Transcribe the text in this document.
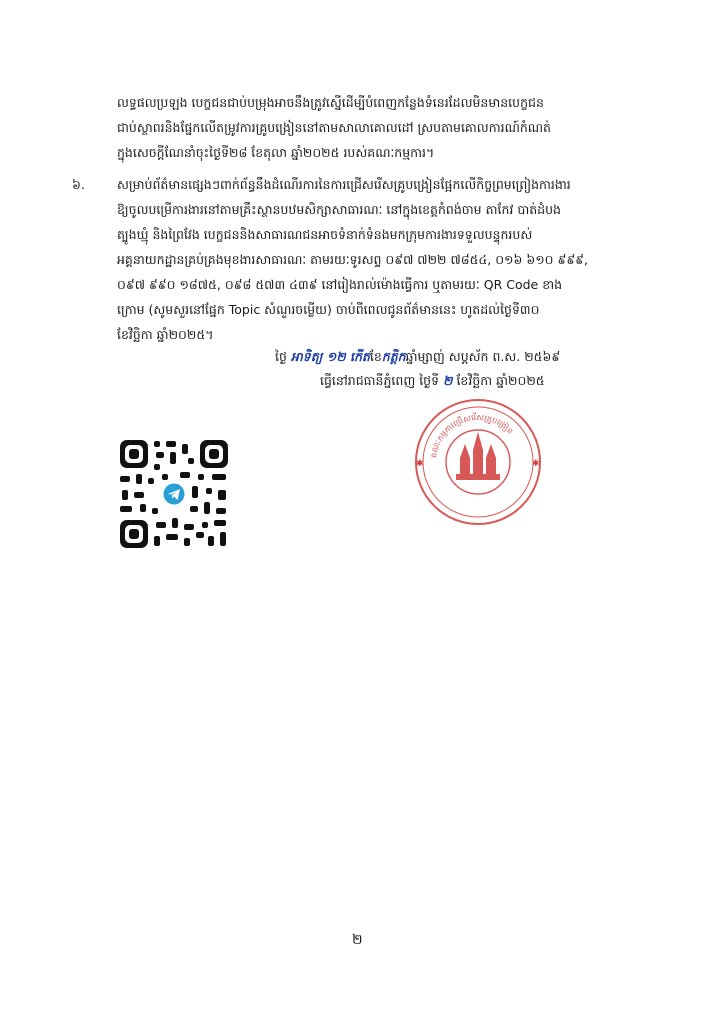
លទ្ធផលប្រឡង បេក្ខជនជាប់បម្រុងអាចនឹងត្រូវស្នើដើម្បីបំពេញកន្លែងទំនេរដែលមិនមានបេក្ខជន
ជាប់ស្ថាពរនិងផ្នែកលើតម្រូវការគ្រូបង្រៀននៅតាមសាលាគោលដៅ ស្របតាមគោលការណ៍កំណត់
ក្នុងសេចក្តីណែនាំចុះថ្ងៃទី២៨ ខែតុលា ឆ្នាំ២០២៥ របស់គណៈកម្មការ។
៦.	សម្រាប់ព័ត៌មានផ្សេងៗពាក់ព័ន្ធនឹងដំណើរការនៃការជ្រើសរើសគ្រូបង្រៀនផ្អែកលើកិច្ចព្រមព្រៀងការងារ
ឱ្យចូលបម្រើការងារនៅតាមគ្រឹះស្ថានបឋមសិក្សាសាធារណៈ នៅក្នុងខេត្តកំពង់ចាម តាកែវ បាត់ដំបង
ត្បូងឃ្មុំ និងព្រៃវែង បេក្ខជននិងសាធារណជនអាចទំនាក់ទំនងមកក្រុមការងារទទួលបន្ទុករបស់
អគ្គនាយកដ្ឋានគ្រប់គ្រងមុខងារសាធារណៈ តាមរយៈទូរសព្ទ ០៩៧ ៧២២ ៧៨៥៤, ០១៦ ៦១០ ៩៩៩,
០៩៧ ៩៩០ ១៨៧៥, ០៩៨ ៥៧៣ ៤៣៩ នៅរៀងរាល់ម៉ោងធ្វើការ ឬតាមរយៈ QR Code ខាង
ក្រោម (សូមសួរនៅផ្នែក Topic សំណួរចម្លើយ) ចាប់ពីពេលជូនព័ត៌មាននេះ ហូតដល់ថ្ងៃទី៣០
ខែវិច្ឆិកា ឆ្នាំ២០២៥។
ថ្ងៃ អាទិត្យ ១២ កើតខែកត្តិកឆ្នាំម្សាញ់ សប្តស័ក ព.ស. ២៥៦៩
ធ្វើនៅរាជធានីភ្នំពេញ ថ្ងៃទី ២ ខែវិច្ឆិកា ឆ្នាំ២០២៥
គណៈកម្មការជ្រើសរើសគ្រូបង្រៀន
✱	✱
២
